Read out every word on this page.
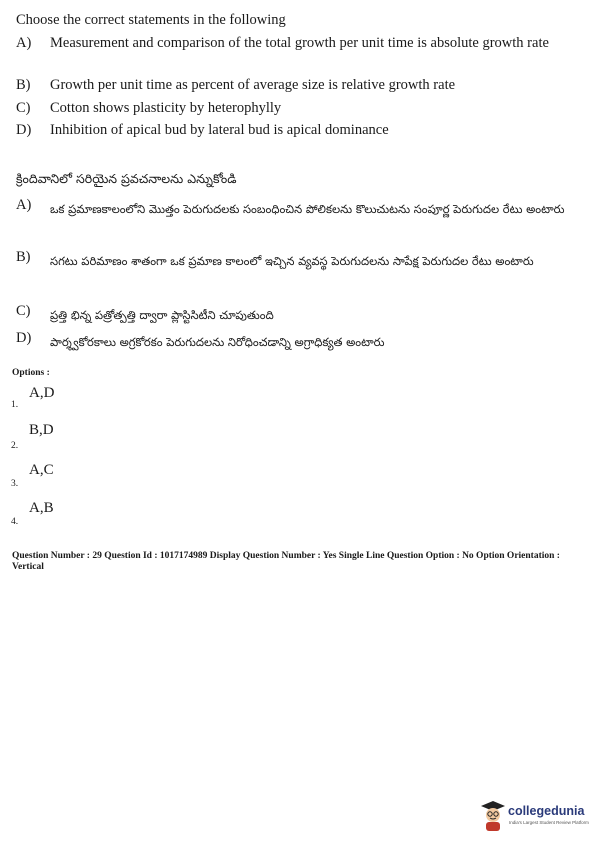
Choose the correct statements in the following
A)	Measurement and comparison of the total growth per unit time is absolute growth rate
B)	Growth per unit time as percent of average size is relative growth rate
C)	Cotton shows plasticity by heterophylly
D)	Inhibition of apical bud by lateral bud is apical dominance
క్రిందివానిలో సరియైన ప్రవచనాలను ఎన్నుకోండి
A)	ఒక ప్రమాణకాలంలోని మొత్తం పెరుగుదలకు సంబంధించిన పోలికలను కొలుచుటను సంపూర్ణ పెరుగుదల రేటు అంటారు
B)	సగటు పరిమాణం శాతంగా ఒక ప్రమాణ కాలంలో ఇచ్చిన వ్యవస్థ పెరుగుదలను సాపేక్ష పెరుగుదల రేటు అంటారు
C)	ప్రత్తి భిన్న పత్రోత్పత్తి ద్వారా ప్లాస్టిసిటీని చూపుతుంది
D)	పార్శ్వకోరకాలు అగ్రకోరకం పెరుగుదలను నిరోధించడాన్ని అగ్రాధిక్యత అంటారు
Options :
A,D
1.
B,D
2.
A,C
3.
A,B
4.
Question Number : 29 Question Id : 1017174989 Display Question Number : Yes Single Line Question Option : No Option Orientation : Vertical
collegedunia
India's Largest Student Review Platform
